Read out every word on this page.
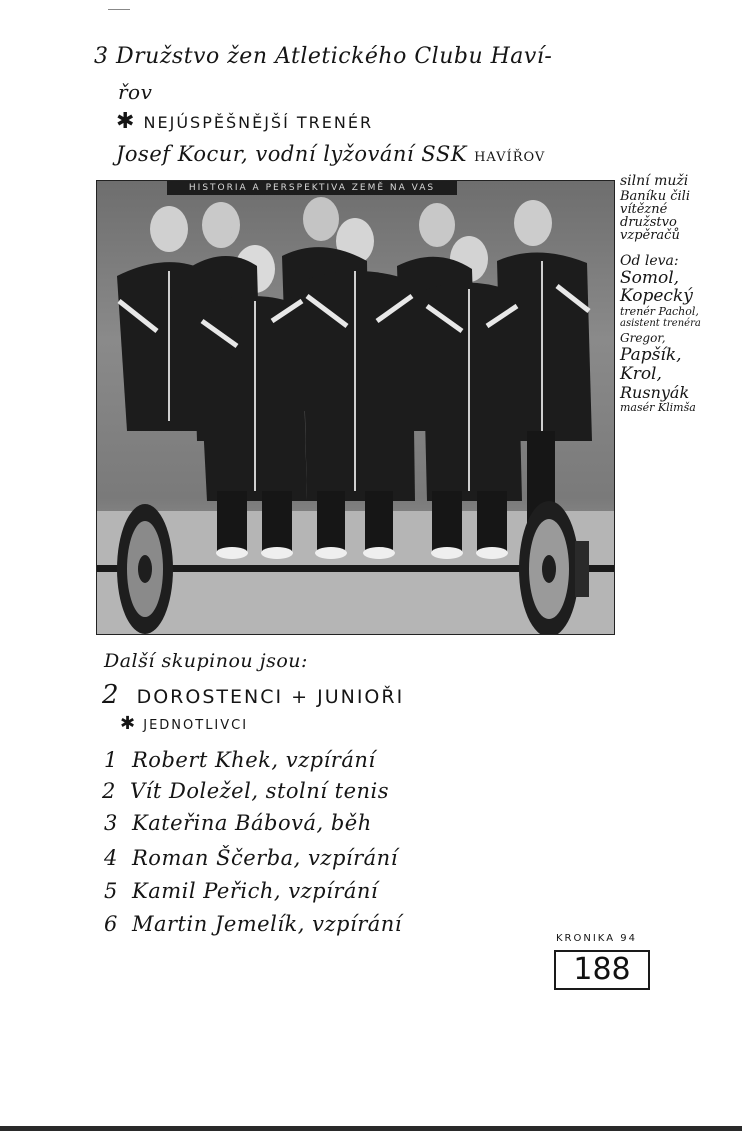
3 Družstvo žen Atletického Clubu Haví-
řov
✱ NEJÚSPĚŠNĚJŠÍ TRENÉR
Josef Kocur, vodní lyžování SSK HAVÍŘOV
HISTORIA A PERSPEKTIVA ZEMĚ NA VAS	silní muži
Baníku čili
vítězné
družstvo
vzpěračů
Od leva:
Somol,
Kopecký
trenér Pachol,
asistent trenéra
Gregor,
Papšík,
Krol,
Rusnyák
masér Klimša
Další skupinou jsou:
2 DOROSTENCI + JUNIOŘI
✱ JEDNOTLIVCI
1 Robert Khek, vzpírání
2 Vít Doležel, stolní tenis
3 Kateřina Bábová, běh
4 Roman Ščerba, vzpírání
5 Kamil Peřich, vzpírání
6 Martin Jemelík, vzpírání
KRONIKA 94
188
